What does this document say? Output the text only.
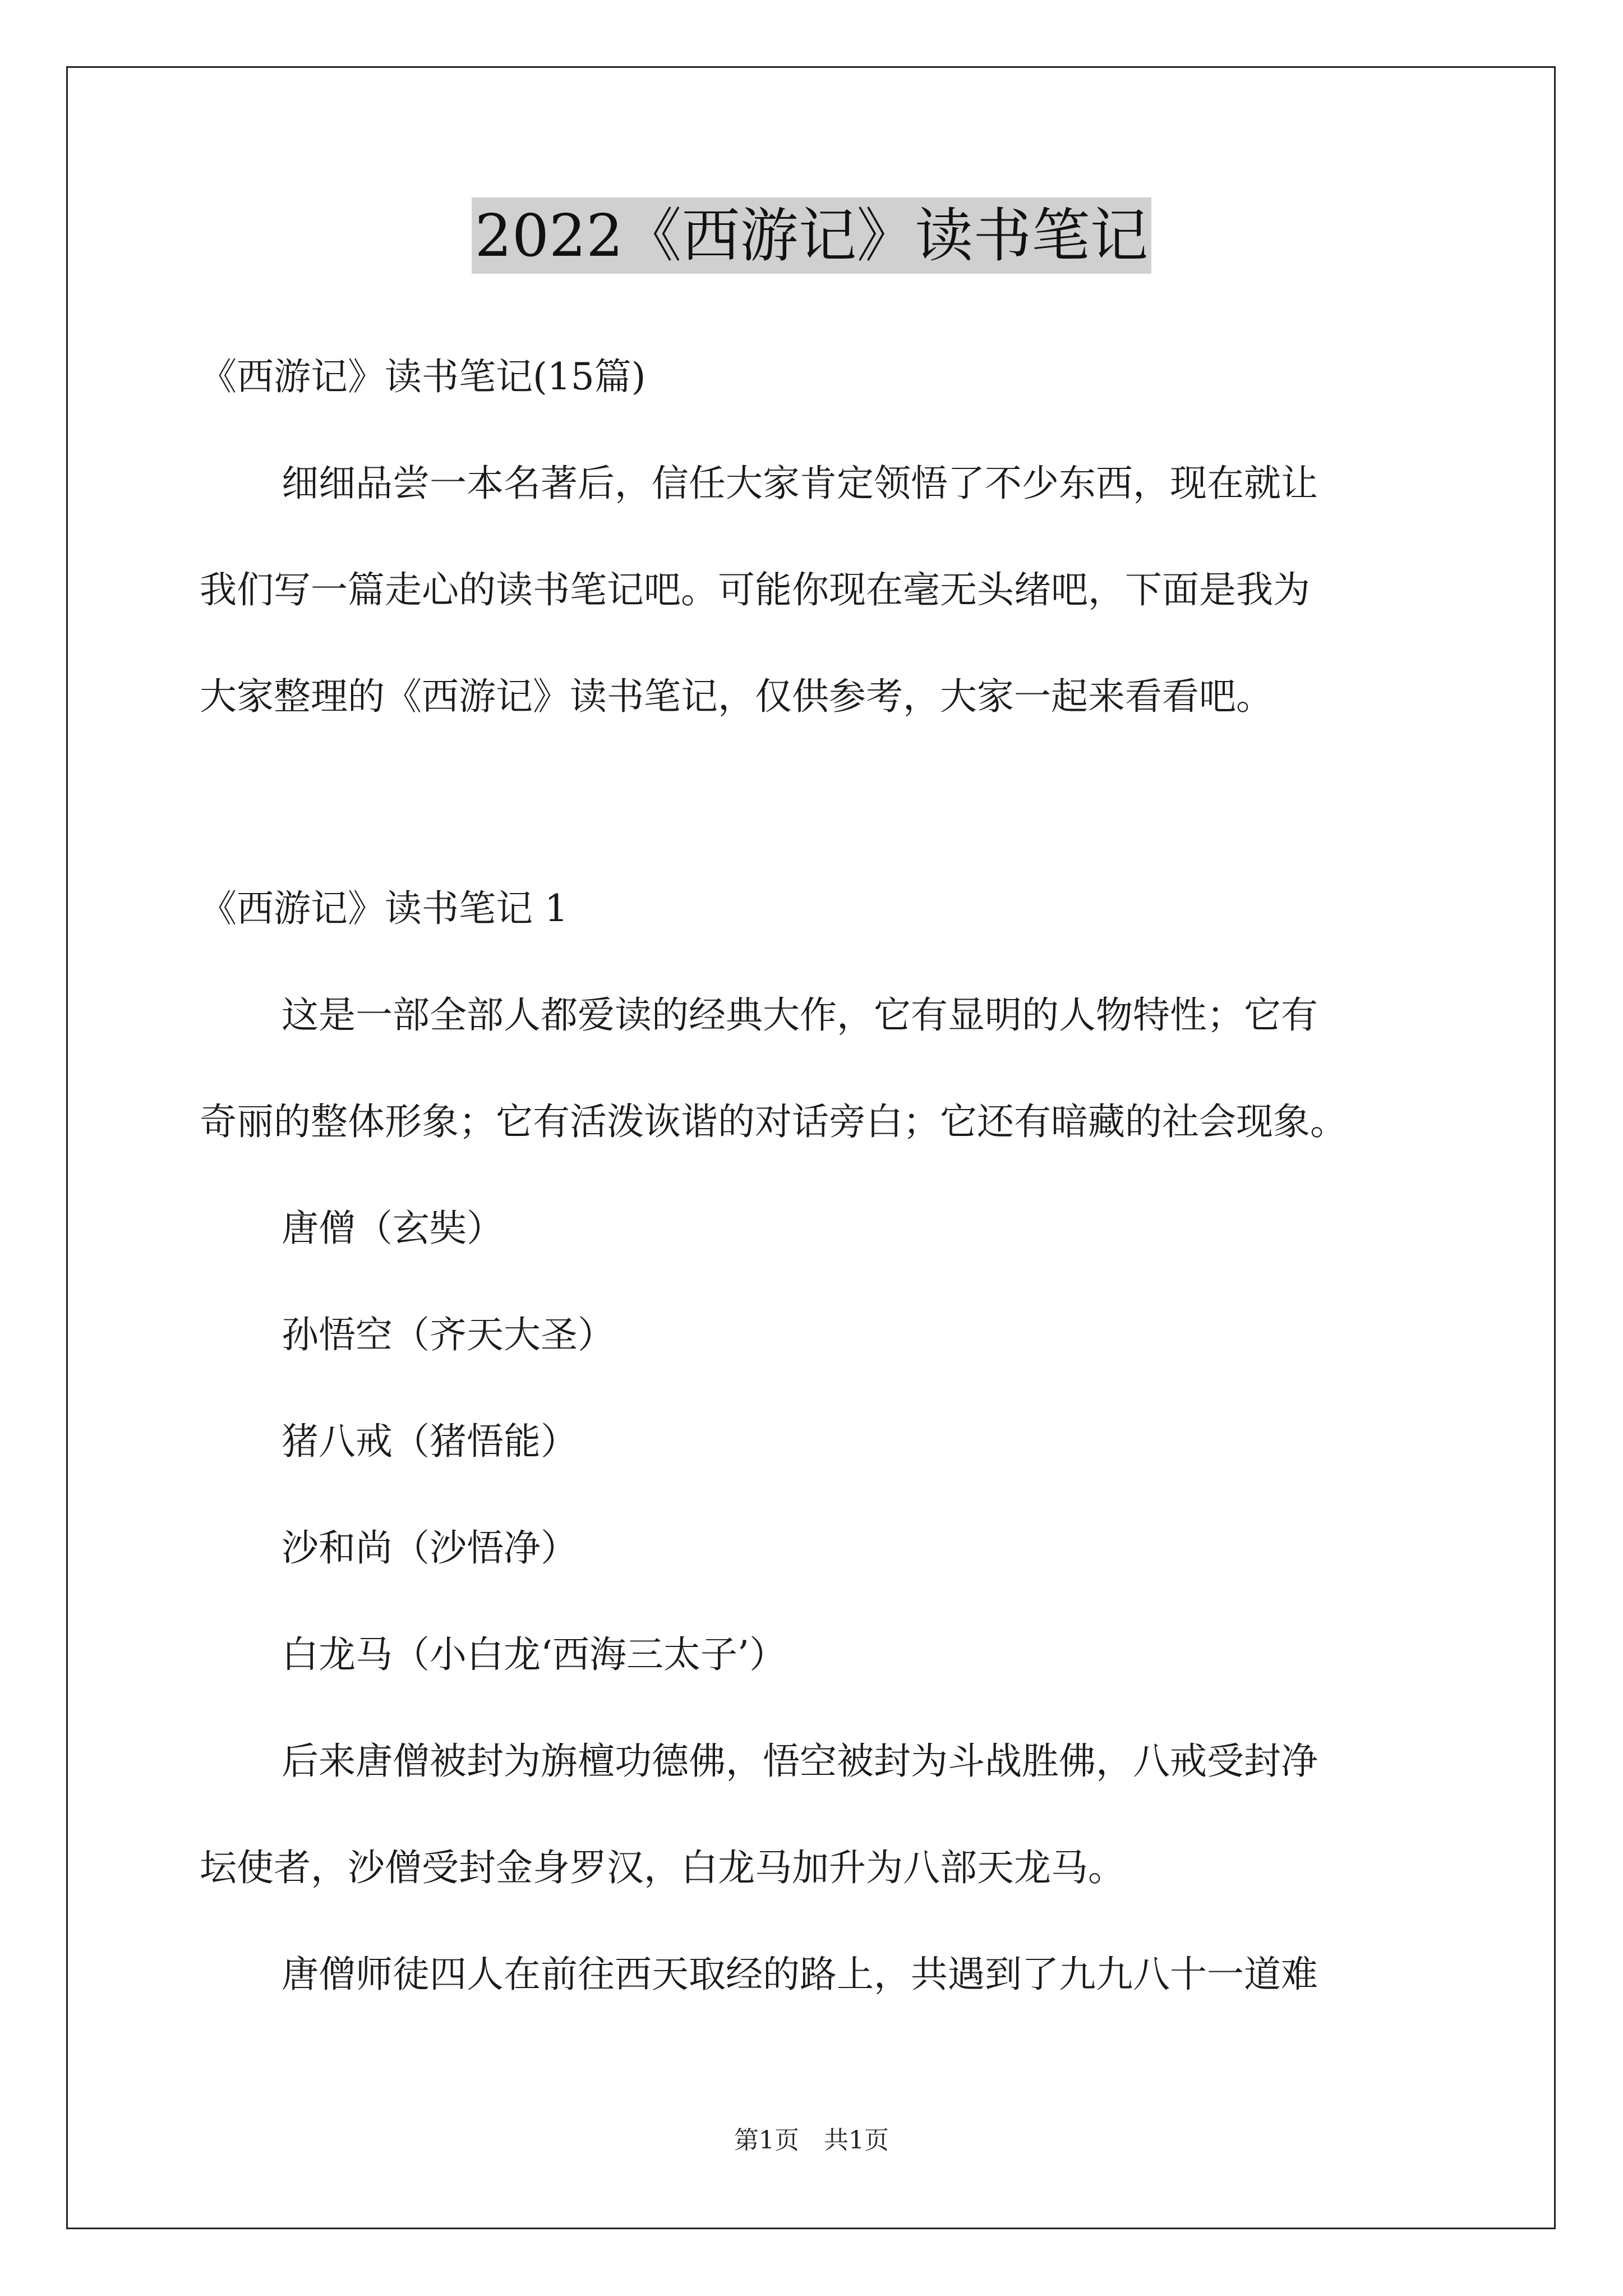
2022《西游记》读书笔记
《西游记》读书笔记(15篇)
细细品尝一本名著后，信任大家肯定领悟了不少东西，现在就让
我们写一篇走心的读书笔记吧。可能你现在毫无头绪吧，下面是我为
大家整理的《西游记》读书笔记，仅供参考，大家一起来看看吧。
《西游记》读书笔记 1
这是一部全部人都爱读的经典大作，它有显明的人物特性；它有
奇丽的整体形象；它有活泼诙谐的对话旁白；它还有暗藏的社会现象。
唐僧（玄奘）
孙悟空（齐天大圣）
猪八戒（猪悟能）
沙和尚（沙悟净）
白龙马（小白龙‘西海三太子’）
后来唐僧被封为旃檀功德佛，悟空被封为斗战胜佛，八戒受封净
坛使者，沙僧受封金身罗汉，白龙马加升为八部天龙马。
唐僧师徒四人在前往西天取经的路上，共遇到了九九八十一道难
第1页　共1页
